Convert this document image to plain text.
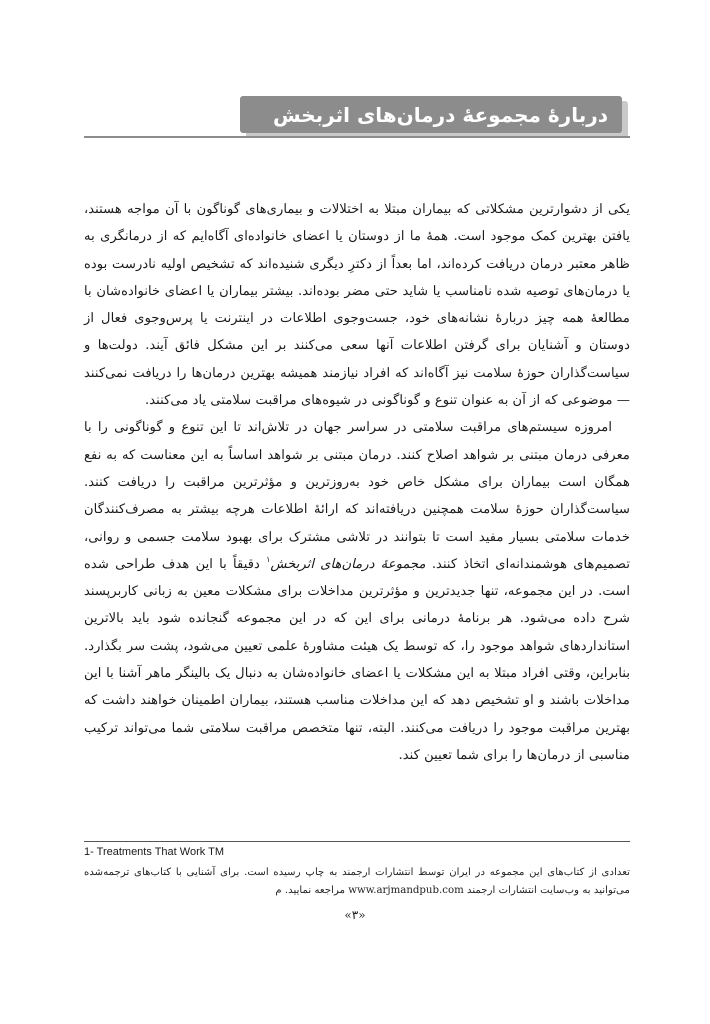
دربارهٔ مجموعهٔ درمان‌های اثربخش

یکی از دشوارترین مشکلاتی که بیماران مبتلا به اختلالات و بیماری‌های گوناگون با آن مواجه هستند، یافتن بهترین کمک موجود است. همهٔ ما از دوستان یا اعضای خانواده‌ای آگاه‌ایم که از درمانگری به ظاهر معتبر درمان دریافت کرده‌اند، اما بعداً از دکترِ دیگری شنیده‌اند که تشخیص اولیه نادرست بوده یا درمان‌های توصیه شده نامناسب یا شاید حتی مضر بوده‌اند. بیشتر بیماران یا اعضای خانواده‌شان با مطالعهٔ همه چیز دربارهٔ نشانه‌های خود، جست‌وجوی اطلاعات در اینترنت یا پرس‌وجوی فعال از دوستان و آشنایان برای گرفتن اطلاعات آنها سعی می‌کنند بر این مشکل فائق آیند. دولت‌ها و سیاست‌گذاران حوزهٔ سلامت نیز آگاه‌اند که افراد نیازمند همیشه بهترین درمان‌ها را دریافت نمی‌کنند— موضوعی که از آن به عنوان تنوع و گوناگونی در شیوه‌های مراقبت سلامتی یاد می‌کنند.

امروزه سیستم‌های مراقبت سلامتی در سراسر جهان در تلاش‌اند تا این تنوع و گوناگونی را با معرفی درمان مبتنی بر شواهد اصلاح کنند. درمان مبتنی بر شواهد اساساً به این معناست که به نفع همگان است بیماران برای مشکل خاص خود به‌روزترین و مؤثرترین مراقبت را دریافت کنند. سیاست‌گذاران حوزهٔ سلامت همچنین دریافته‌اند که ارائهٔ اطلاعات هرچه بیشتر به مصرف‌کنندگان خدمات سلامتی بسیار مفید است تا بتوانند در تلاشی مشترک برای بهبود سلامت جسمی و روانی، تصمیم‌های هوشمندانه‌ای اتخاذ کنند. مجموعهٔ درمان‌های اثربخش$^۱$ دقیقاً با این هدف طراحی شده است. در این مجموعه، تنها جدیدترین و مؤثرترین مداخلات برای مشکلات معین به زبانی کاربرپسند شرح داده می‌شود. هر برنامهٔ درمانی برای این که در این مجموعه گنجانده شود باید بالاترین استانداردهای شواهد موجود را، که توسط یک هیئت مشاورهٔ علمی تعیین می‌شود، پشت سر بگذارد. بنابراین، وقتی افراد مبتلا به این مشکلات یا اعضای خانواده‌شان به دنبال یک بالینگر ماهر آشنا با این مداخلات باشند و او تشخیص دهد که این مداخلات مناسب هستند، بیماران اطمینان خواهند داشت که بهترین مراقبت موجود را دریافت می‌کنند. البته، تنها متخصص مراقبت سلامتی شما می‌تواند ترکیب مناسبی از درمان‌ها را برای شما تعیین کند.

1- Treatments That Work TM
تعدادی از کتاب‌های این مجموعه در ایران توسط انتشارات ارجمند به چاپ رسیده است. برای آشنایی با کتاب‌های ترجمه‌شده می‌توانید به وب‌سایت انتشارات ارجمند www.arjmandpub.com مراجعه نمایید. م
«۳»
